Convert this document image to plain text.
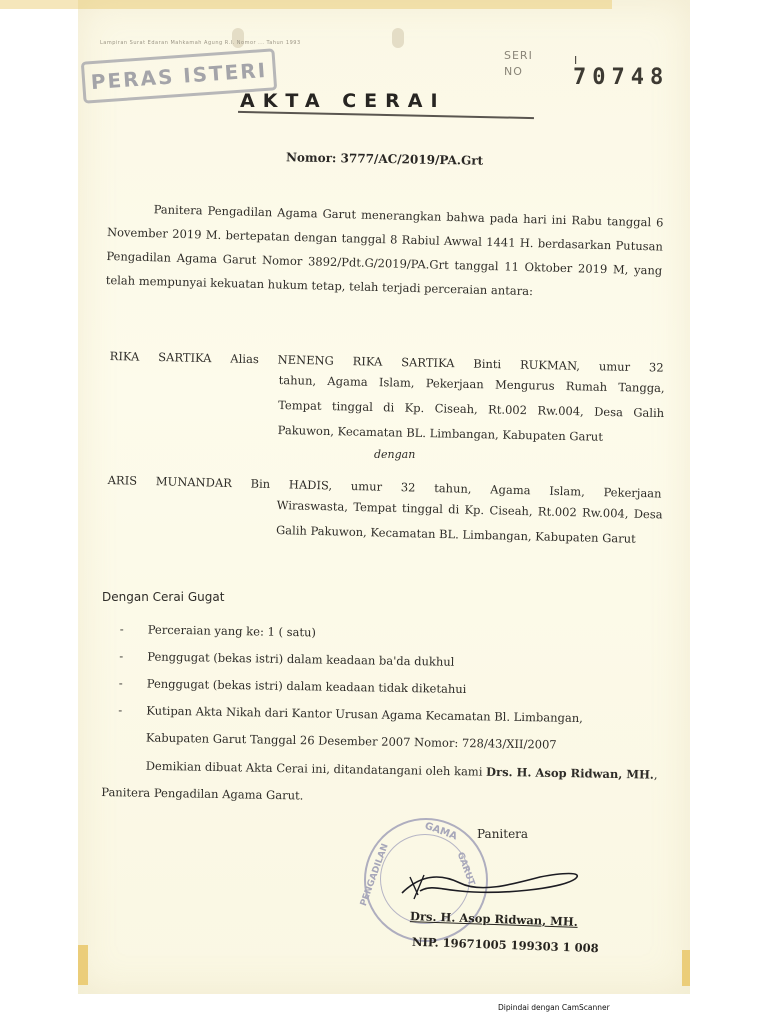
Lampiran Surat Edaran Mahkamah Agung R.I. Nomor ... Tahun 1993
PERAS ISTERI
SERI
NO
I
70748
AKTA CERAI
Nomor: 3777/AC/2019/PA.Grt
Panitera Pengadilan Agama Garut menerangkan bahwa pada hari ini Rabu tanggal 6 November 2019 M. bertepatan dengan tanggal 8 Rabiul Awwal 1441 H. berdasarkan Putusan Pengadilan Agama Garut Nomor 3892/Pdt.G/2019/PA.Grt tanggal 11 Oktober 2019 M, yang telah mempunyai kekuatan hukum tetap, telah terjadi perceraian antara:
RIKA SARTIKA Alias NENENG RIKA SARTIKA Binti RUKMAN, umur 32
tahun, Agama Islam, Pekerjaan Mengurus Rumah Tangga, Tempat tinggal di Kp. Ciseah, Rt.002 Rw.004, Desa Galih Pakuwon, Kecamatan BL. Limbangan, Kabupaten Garut
dengan
ARIS MUNANDAR Bin HADIS, umur 32 tahun, Agama Islam, Pekerjaan
Wiraswasta, Tempat tinggal di Kp. Ciseah, Rt.002 Rw.004, Desa Galih Pakuwon, Kecamatan BL. Limbangan, Kabupaten Garut
Dengan Cerai Gugat
- Perceraian yang ke: 1 ( satu)
- Penggugat (bekas istri) dalam keadaan ba'da dukhul
- Penggugat (bekas istri) dalam keadaan tidak diketahui
- Kutipan Akta Nikah dari Kantor Urusan Agama Kecamatan Bl. Limbangan,
Kabupaten Garut Tanggal 26 Desember 2007 Nomor: 728/43/XII/2007
Demikian dibuat Akta Cerai ini, ditandatangani oleh kami Drs. H. Asop Ridwan, MH., Panitera Pengadilan Agama Garut.
GAMA
PENGADILAN	GARUT
Panitera
Drs. H. Asop Ridwan, MH.
NIP. 19671005 199303 1 008
Dipindai dengan CamScanner
